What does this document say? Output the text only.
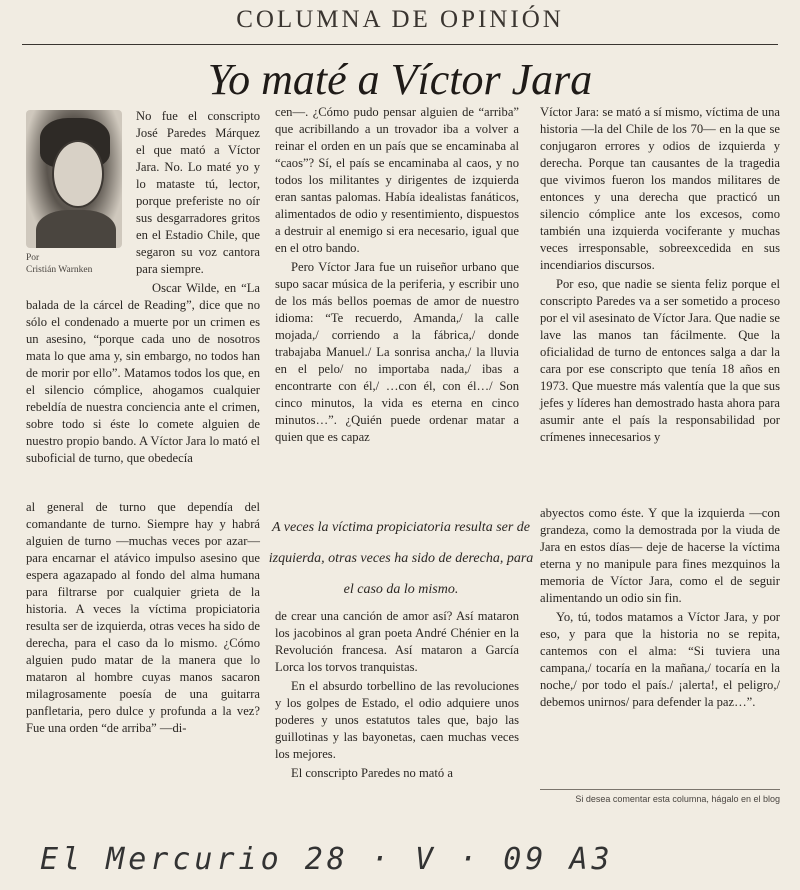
COLUMNA DE OPINIÓN
Yo maté a Víctor Jara
Por
Cristián Warnken

No fue el conscripto José Paredes Márquez el que mató a Víctor Jara. No. Lo maté yo y lo mataste tú, lector, porque preferiste no oír sus desgarradores gritos en el Estadio Chile, que segaron su voz cantora para siempre.

Oscar Wilde, en “La balada de la cárcel de Reading”, dice que no sólo el condenado a muerte por un crimen es un asesino, “porque cada uno de nosotros mata lo que ama y, sin embargo, no todos han de morir por ello”. Matamos todos los que, en el silencio cómplice, ahogamos cualquier rebeldía de nuestra conciencia ante el crimen, sobre todo si éste lo comete alguien de nuestro propio bando. A Víctor Jara lo mató el suboficial de turno, que obedecía

al general de turno que dependía del comandante de turno. Siempre hay y habrá alguien de turno —muchas veces por azar— para encarnar el atávico impulso asesino que espera agazapado al fondo del alma humana para filtrarse por cualquier grieta de la historia. A veces la víctima propiciatoria resulta ser de izquierda, otras veces ha sido de derecha, para el caso da lo mismo. ¿Cómo alguien pudo matar de la manera que lo mataron al hombre cuyas manos sacaron milagrosamente poesía de una guitarra panfletaria, pero dulce y profunda a la vez? Fue una orden “de arriba” —di-

cen—. ¿Cómo pudo pensar alguien de “arriba” que acribillando a un trovador iba a volver a reinar el orden en un país que se encaminaba al “caos”? Sí, el país se encaminaba al caos, y no todos los militantes y dirigentes de izquierda eran santas palomas. Había idealistas fanáticos, alimentados de odio y resentimiento, dispuestos a destruir al enemigo si era necesario, igual que en el otro bando.

Pero Víctor Jara fue un ruiseñor urbano que supo sacar música de la periferia, y escribir uno de los más bellos poemas de amor de nuestro idioma: “Te recuerdo, Amanda,/ la calle mojada,/ corriendo a la fábrica,/ donde trabajaba Manuel./ La sonrisa ancha,/ la lluvia en el pelo/ no importaba nada,/ ibas a encontrarte con él,/ …con él, con él…/ Son cinco minutos, la vida es eterna en cinco minutos…”. ¿Quién puede ordenar matar a quien que es capaz

A veces la víctima propiciatoria resulta ser de izquierda, otras veces ha sido de derecha, para el caso da lo mismo.

de crear una canción de amor así? Así mataron los jacobinos al gran poeta André Chénier en la Revolución francesa. Así mataron a García Lorca los torvos tranquistas.

En el absurdo torbellino de las revoluciones y los golpes de Estado, el odio adquiere unos poderes y unos estatutos tales que, bajo las guillotinas y las bayonetas, caen muchas veces los mejores.

El conscripto Paredes no mató a

Víctor Jara: se mató a sí mismo, víctima de una historia —la del Chile de los 70— en la que se conjugaron errores y odios de izquierda y derecha. Porque tan causantes de la tragedia que vivimos fueron los mandos militares de entonces y una derecha que practicó un silencio cómplice ante los excesos, como también una izquierda vociferante y muchas veces irresponsable, sobreexcedida en sus incendiarios discursos.

Por eso, que nadie se sienta feliz porque el conscripto Paredes va a ser sometido a proceso por el vil asesinato de Víctor Jara. Que nadie se lave las manos tan fácilmente. Que la oficialidad de turno de entonces salga a dar la cara por ese conscripto que tenía 18 años en 1973. Que muestre más valentía que la que sus jefes y líderes han demostrado hasta ahora para asumir ante el país la responsabilidad por crímenes innecesarios y

abyectos como éste. Y que la izquierda —con grandeza, como la demostrada por la viuda de Jara en estos días— deje de hacerse la víctima eterna y no manipule para fines mezquinos la memoria de Víctor Jara, como el de seguir alimentando un odio sin fin.

Yo, tú, todos matamos a Víctor Jara, y por eso, y para que la historia no se repita, cantemos con el alma: “Si tuviera una campana,/ tocaría en la mañana,/ tocaría en la noche,/ por todo el país./ ¡alerta!, el peligro,/ debemos unirnos/ para defender la paz…”.

Si desea comentar esta columna, hágalo en el blog
El Mercurio 28 · V · 09 A3
